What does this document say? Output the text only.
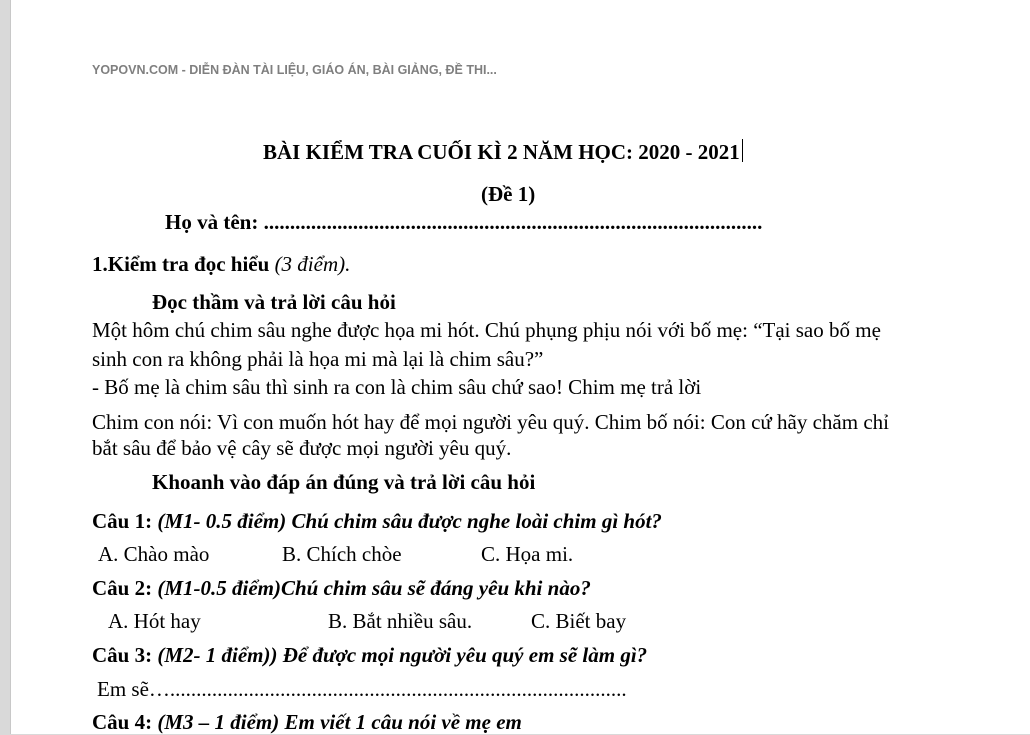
YOPOVN.COM - DIỄN ĐÀN TÀI LIỆU, GIÁO ÁN, BÀI GIẢNG, ĐỀ THI...
BÀI KIỂM TRA CUỐI KÌ 2 NĂM HỌC: 2020 - 2021
(Đề 1)
Họ và tên: ...............................................................................................
1.Kiểm tra đọc hiểu (3 điểm).
Đọc thầm và trả lời câu hỏi
Một hôm chú chim sâu nghe được họa mi hót. Chú phụng phịu nói với bố mẹ: “Tại sao bố mẹ
sinh con ra không phải là họa mi mà lại là chim sâu?”
- Bố mẹ là chim sâu thì sinh ra con là chim sâu chứ sao! Chim mẹ trả lời
Chim con nói: Vì con muốn hót hay để mọi người yêu quý. Chim bố nói: Con cứ hãy chăm chỉ
bắt sâu để bảo vệ cây sẽ được mọi người yêu quý.
Khoanh vào đáp án đúng và trả lời câu hỏi
Câu 1: (M1- 0.5 điểm) Chú chim sâu được nghe loài chim gì hót?
A. Chào mào	B. Chích chòe	C. Họa mi.
Câu 2: (M1-0.5 điểm)Chú chim sâu sẽ đáng yêu khi nào?
A. Hót hay	B. Bắt nhiều sâu.	C. Biết bay
Câu 3: (M2- 1 điểm)) Để được mọi người yêu quý em sẽ làm gì?
Em sẽ….......................................................................................
Câu 4: (M3 – 1 điểm) Em viết 1 câu nói về mẹ em
